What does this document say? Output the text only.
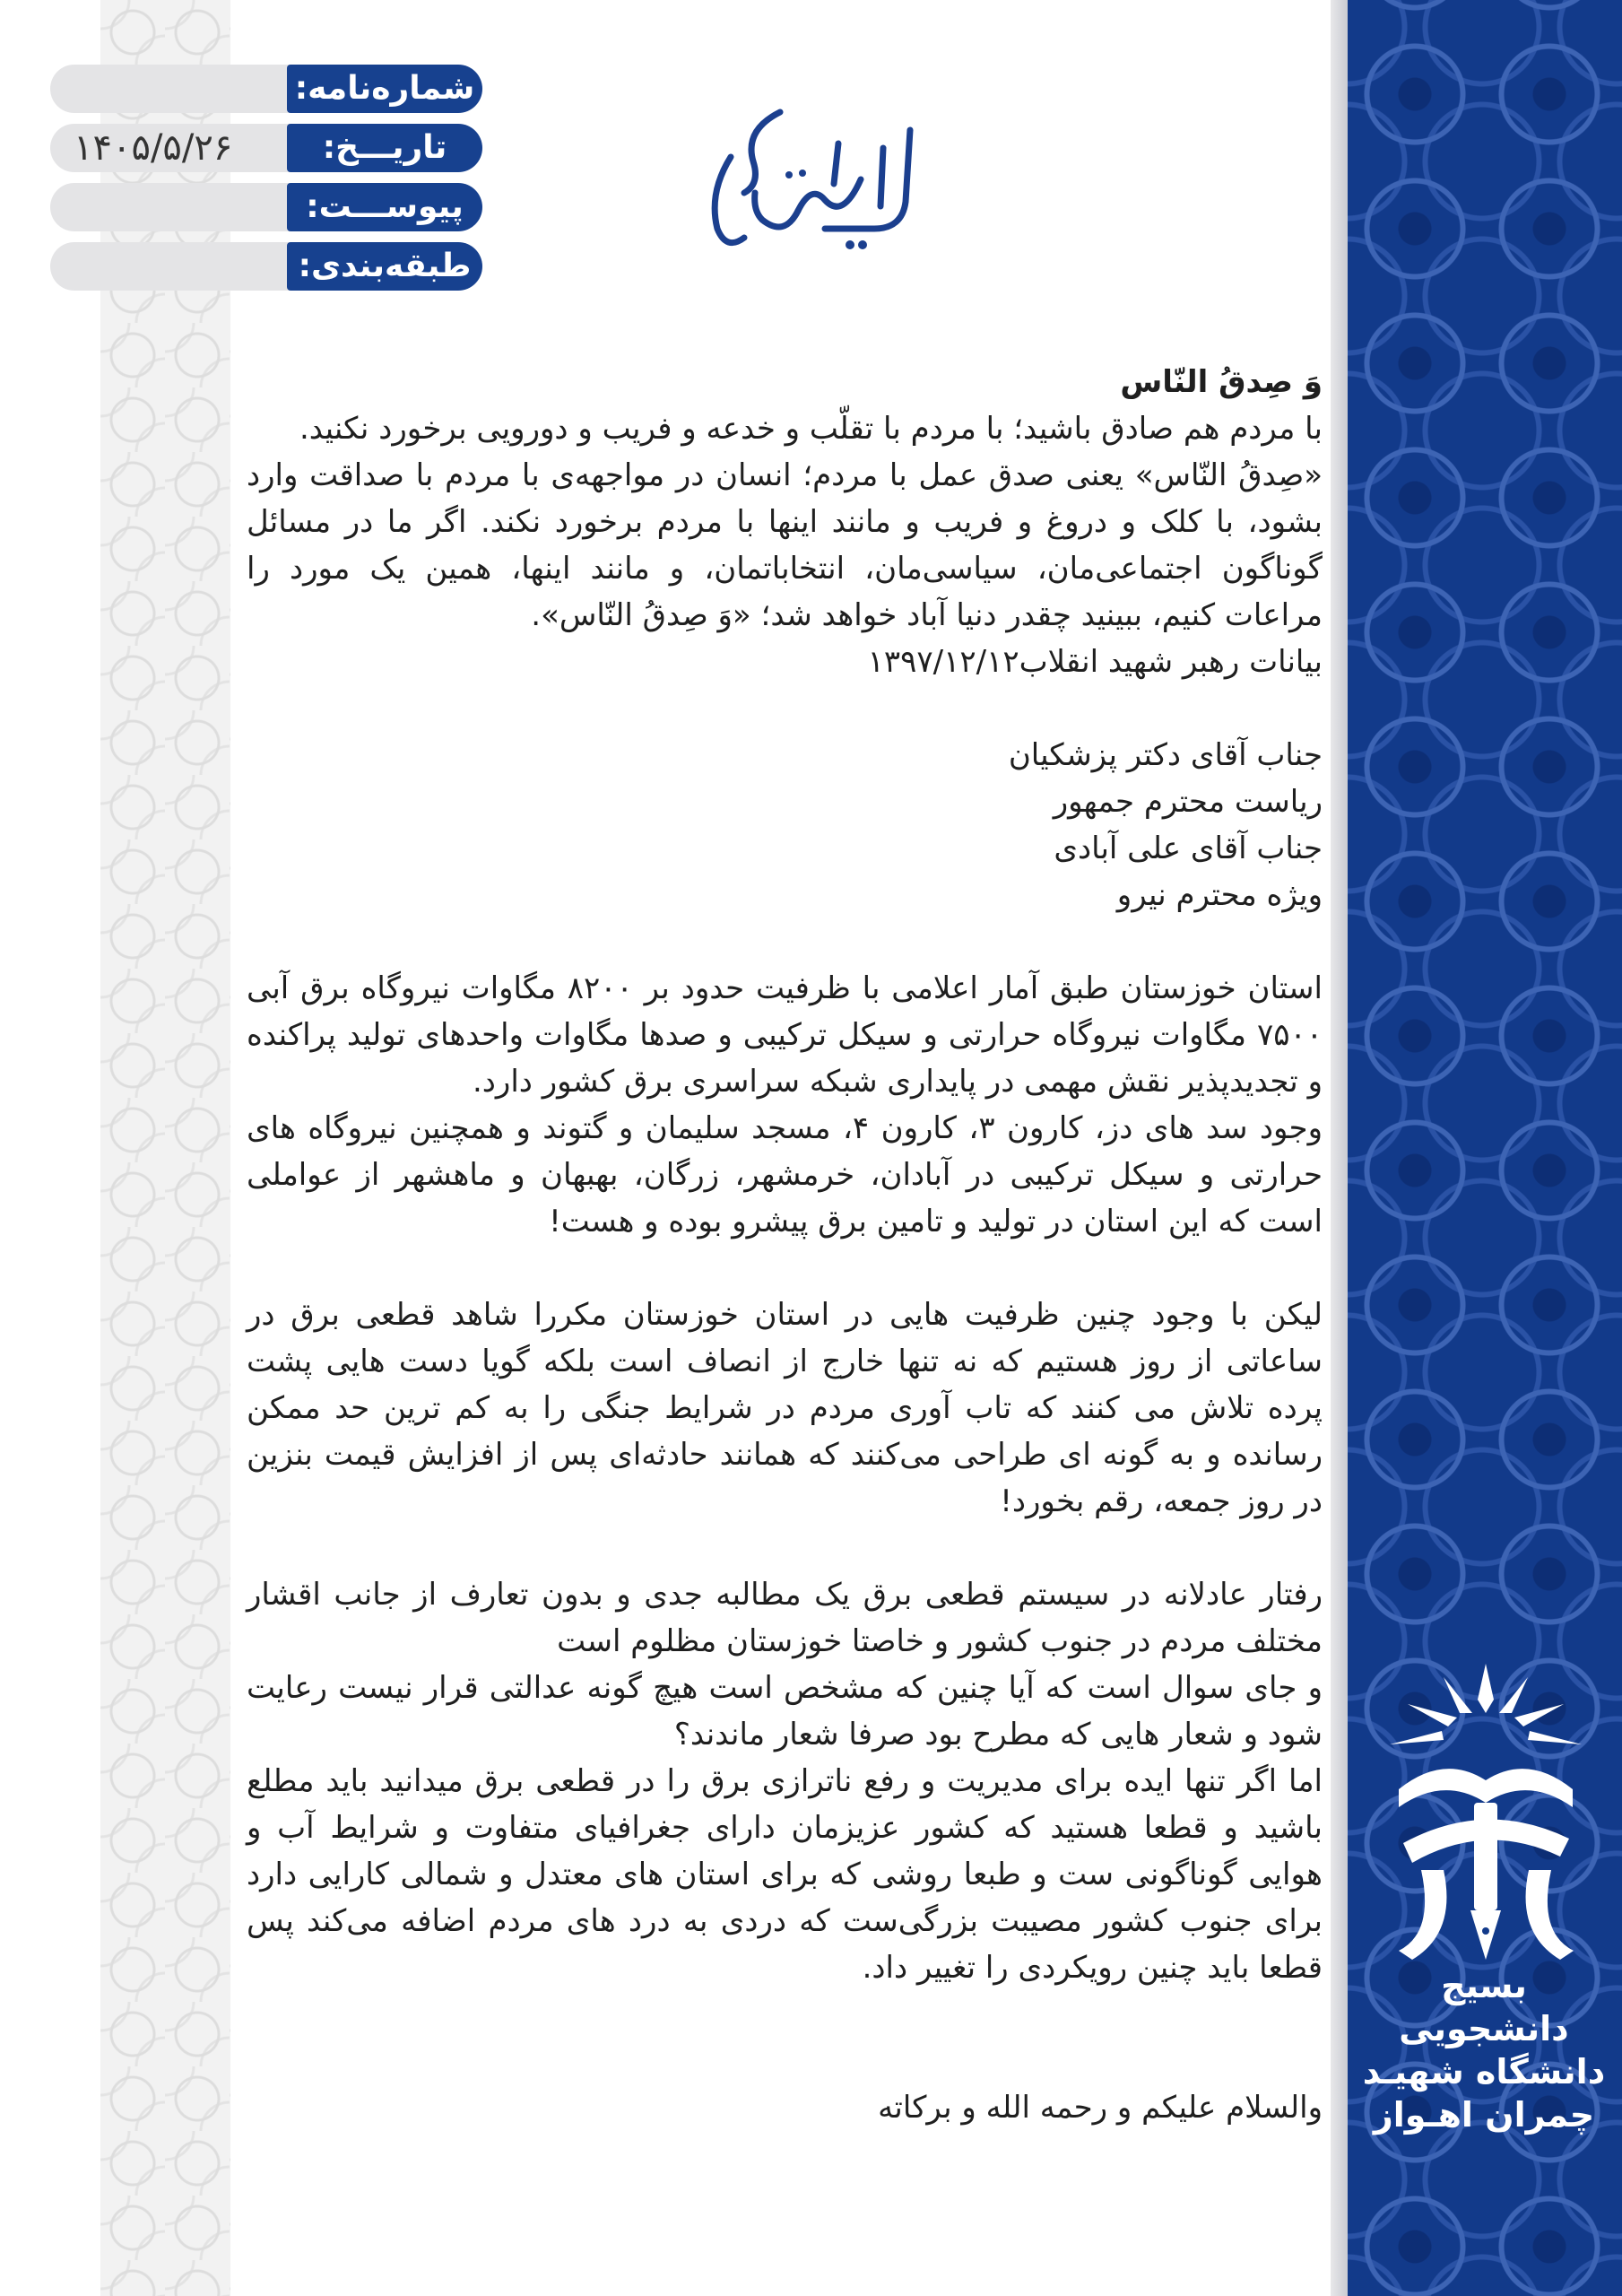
شماره‌نامه:
۱۴۰۵/۵/۲۶	تاریـــخ:
پیوســـت:
طبقه‌بندی:

وَ صِدقُ النّاس

با مردم هم صادق باشید؛ با مردم با تقلّب و خدعه و فریب و دورویی برخورد نکنید.

«صِدقُ النّاس» یعنی صدق عمل با مردم؛ انسان در مواجهه‌ی با مردم با صداقت وارد بشود، با کلک و دروغ و فریب و مانند اینها با مردم برخورد نکند. اگر ما در مسائل گوناگون اجتماعی‌مان، سیاسی‌مان، انتخاباتمان، و مانند اینها، همین یک مورد را مراعات کنیم، ببینید چقدر دنیا آباد خواهد شد؛ «وَ صِدقُ النّاس».

بیانات رهبر شهید انقلاب۱۳۹۷/۱۲/۱۲

جناب آقای دکتر پزشکیان

ریاست محترم جمهور

جناب آقای علی آبادی

ویژه محترم نیرو

استان خوزستان طبق آمار اعلامی با ظرفیت حدود بر ۸۲۰۰ مگاوات نیروگاه برق آبی ۷۵۰۰ مگاوات نیروگاه حرارتی و سیکل ترکیبی و صدها مگاوات واحدهای تولید پراکنده و تجدیدپذیر نقش مهمی در پایداری شبکه سراسری برق کشور دارد.

وجود سد های دز، کارون ۳، کارون ۴، مسجد سلیمان و گتوند و همچنین نیروگاه های حرارتی و سیکل ترکیبی در آبادان، خرمشهر، زرگان، بهبهان و ماهشهر از عواملی است که این استان در تولید و تامین برق پیشرو بوده و هست!

لیکن با وجود چنین ظرفیت هایی در استان خوزستان مکررا شاهد قطعی برق در ساعاتی از روز هستیم که نه تنها خارج از انصاف است بلکه گویا دست هایی پشت پرده تلاش می کنند که تاب آوری مردم در شرایط جنگی را به کم ترین حد ممکن رسانده و به گونه ای طراحی می‌کنند که همانند حادثه‌ای پس از افزایش قیمت بنزین در روز جمعه، رقم بخورد!

رفتار عادلانه در سیستم قطعی برق یک مطالبه جدی و بدون تعارف از جانب اقشار مختلف مردم در جنوب کشور و خاصتا خوزستان مظلوم است

و جای سوال است که آیا چنین که مشخص است هیچ گونه عدالتی قرار نیست رعایت شود و شعار هایی که مطرح بود صرفا شعار ماندند؟

اما اگر تنها ایده برای مدیریت و رفع ناترازی برق را در قطعی برق میدانید باید مطلع باشید و قطعا هستید که کشور عزیزمان دارای جغرافیای متفاوت و شرایط آب و هوایی گوناگونی ست و طبعا روشی که برای استان های معتدل و شمالی کارایی دارد برای جنوب کشور مصیبت بزرگی‌ست که دردی به درد های مردم اضافه می‌کند پس قطعا باید چنین رویکردی را تغییر داد.

والسلام علیکم و رحمه الله و برکاته

بسیج دانشجویی
دانشگاه شهیـد
چمران اهـواز
